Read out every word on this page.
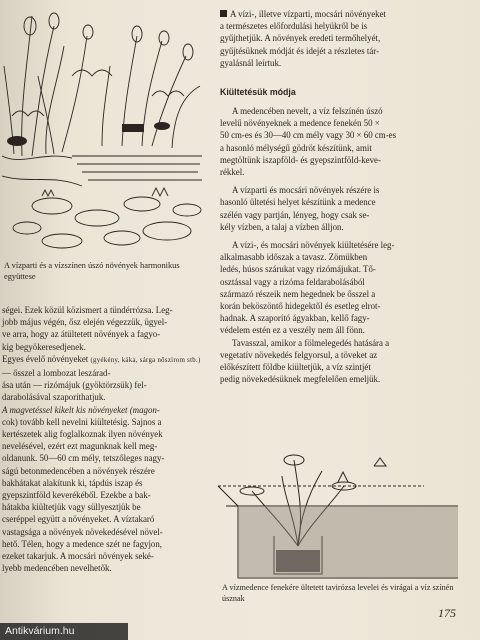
A vízparti és a vízszínen úszó növények harmonikus együttese

ségei. Ezek közül közismert a tündérrózsa. Leg-

jobb május végén, ősz elején végezzük, ügyel-

ve arra, hogy az átültetett növények a fagyo-

kig begyökeresedjenek.

Egyes évelő növényeket (gyékény, káka, sárga nőszirom stb.)

— ősszel a lombozat leszárad-

ása után — rizómájuk (gyöktörzsük) fel-

darabolásával szaporíthatjuk.

A magvetéssel kikelt kis növényeket (magon-

cok) tovább kell nevelni kiültetésig. Sajnos a

kertészetek alig foglalkoznak ilyen növények

nevelésével, ezért ezt magunknak kell meg-

oldanunk. 50—60 cm mély, tetszőleges nagy-

ságú betonmedencében a növények részére

bakhátakat alakítunk ki, tápdús iszap és

gyepszintföld keverékéből. Ezekbe a bak-

hátakba kiültetjük vagy süllyesztjük be

cseréppel együtt a növényeket. A víztakaró

vastagsága a növények növekedésével növel-

hető. Télen, hogy a medence szét ne fagyjon,

ezeket takarjuk. A mocsári növények seké-

lyebb medencében nevelhetők.

A vízi-, illetve vízparti, mocsári növényeket

a természetes előfordulási helyükről be is

gyűjthetjük. A növények eredeti termőhelyét,

gyűjtésüknek módját és idejét a részletes tár-

gyalásnál leírtuk.

Kiültetésük módja

A medencében nevelt, a víz felszínén úszó

levelű növényeknek a medence fenekén 50 ×

50 cm-es és 30—40 cm mély vagy 30 × 60 cm-es

a hasonló mélységű gödröt készítünk, amit

megtöltünk iszapföld- és gyepszintföld-keve-

rékkel.

A vízparti és mocsári növények részére is

hasonló ültetési helyet készítünk a medence

szélén vagy partján, lényeg, hogy csak se-

kély vízben, a talaj a vízben álljon.

A vízi-, és mocsári növények kiültetésére leg-

alkalmasabb időszak a tavasz. Zömükben

ledés, húsos szárukat vagy rizómájukat. Tő-

osztással vagy a rizóma feldarabolásából

származó részeik nem hegednek be ősszel a

korán beköszöntő hidegektől és esetleg elrot-

hadnak. A szaporító ágyakban, kellő fagy-

védelem estén ez a veszély nem áll fönn.

Tavasszal, amikor a fölmelegedés hatására a

vegetatív növekedés felgyorsul, a töveket az

előkészített földbe kiültetjük, a víz szintjét

pedig növekedésüknek megfelelően emeljük.

A vízmedence fenekére ültetett tavirózsa levelei és virágai a víz színén úsznak
175
Antikvárium.hu
